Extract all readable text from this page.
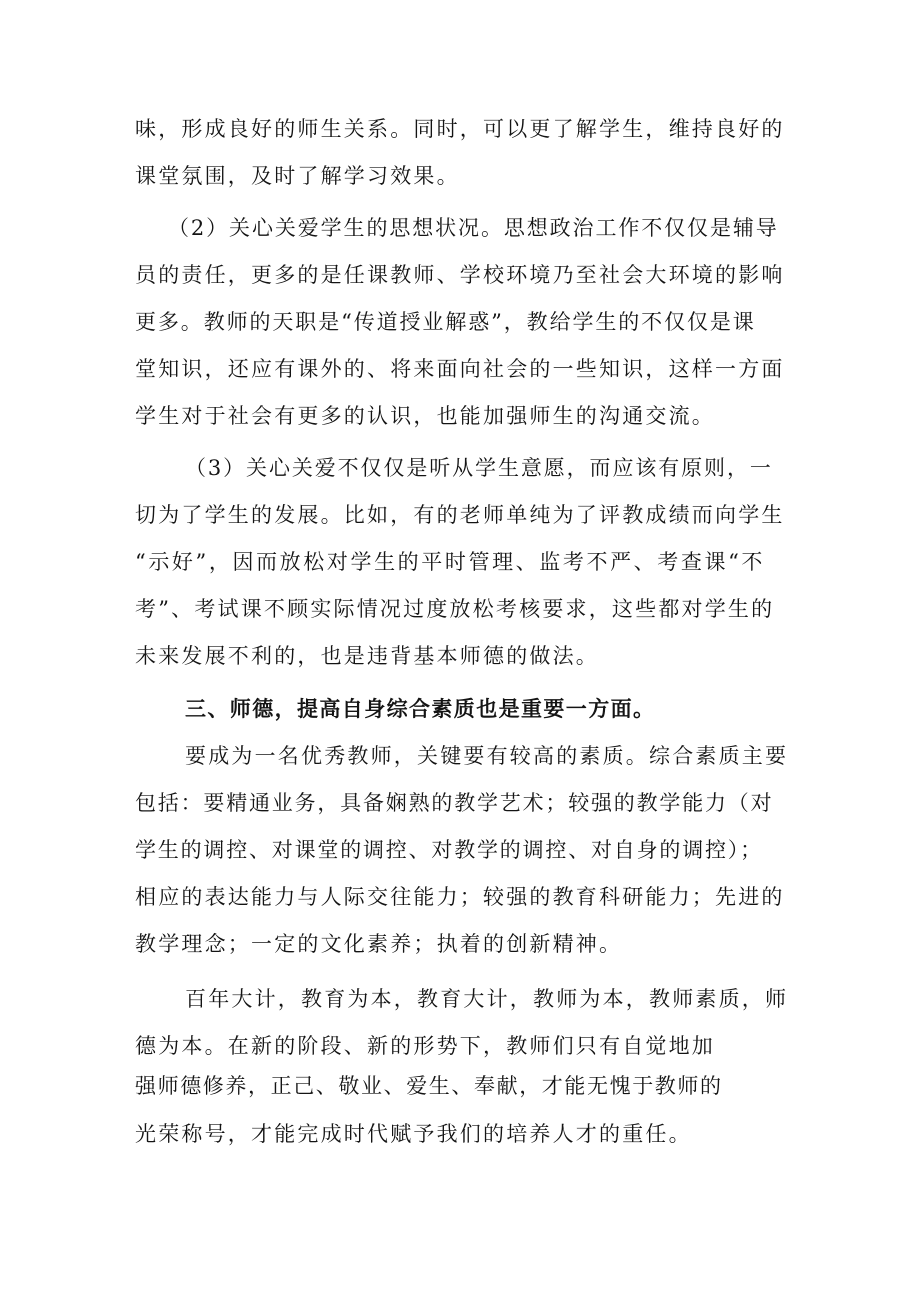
味，形成良好的师生关系。同时，可以更了解学生，维持良好的
课堂氛围，及时了解学习效果。
（2）关心关爱学生的思想状况。思想政治工作不仅仅是辅导
员的责任，更多的是任课教师、学校环境乃至社会大环境的影响
更多。教师的天职是“传道授业解惑”，教给学生的不仅仅是课
堂知识，还应有课外的、将来面向社会的一些知识，这样一方面
学生对于社会有更多的认识，也能加强师生的沟通交流。
（3）关心关爱不仅仅是听从学生意愿，而应该有原则，一
切为了学生的发展。比如，有的老师单纯为了评教成绩而向学生
“示好”，因而放松对学生的平时管理、监考不严、考查课“不
考”、考试课不顾实际情况过度放松考核要求，这些都对学生的
未来发展不利的，也是违背基本师德的做法。
三、师德，提高自身综合素质也是重要一方面。
要成为一名优秀教师，关键要有较高的素质。综合素质主要
包括：要精通业务，具备娴熟的教学艺术；较强的教学能力（对
学生的调控、对课堂的调控、对教学的调控、对自身的调控）；
相应的表达能力与人际交往能力；较强的教育科研能力；先进的
教学理念；一定的文化素养；执着的创新精神。
百年大计，教育为本，教育大计，教师为本，教师素质，师
德为本。在新的阶段、新的形势下，教师们只有自觉地加
强师德修养，正己、敬业、爱生、奉献，才能无愧于教师的
光荣称号，才能完成时代赋予我们的培养人才的重任。
